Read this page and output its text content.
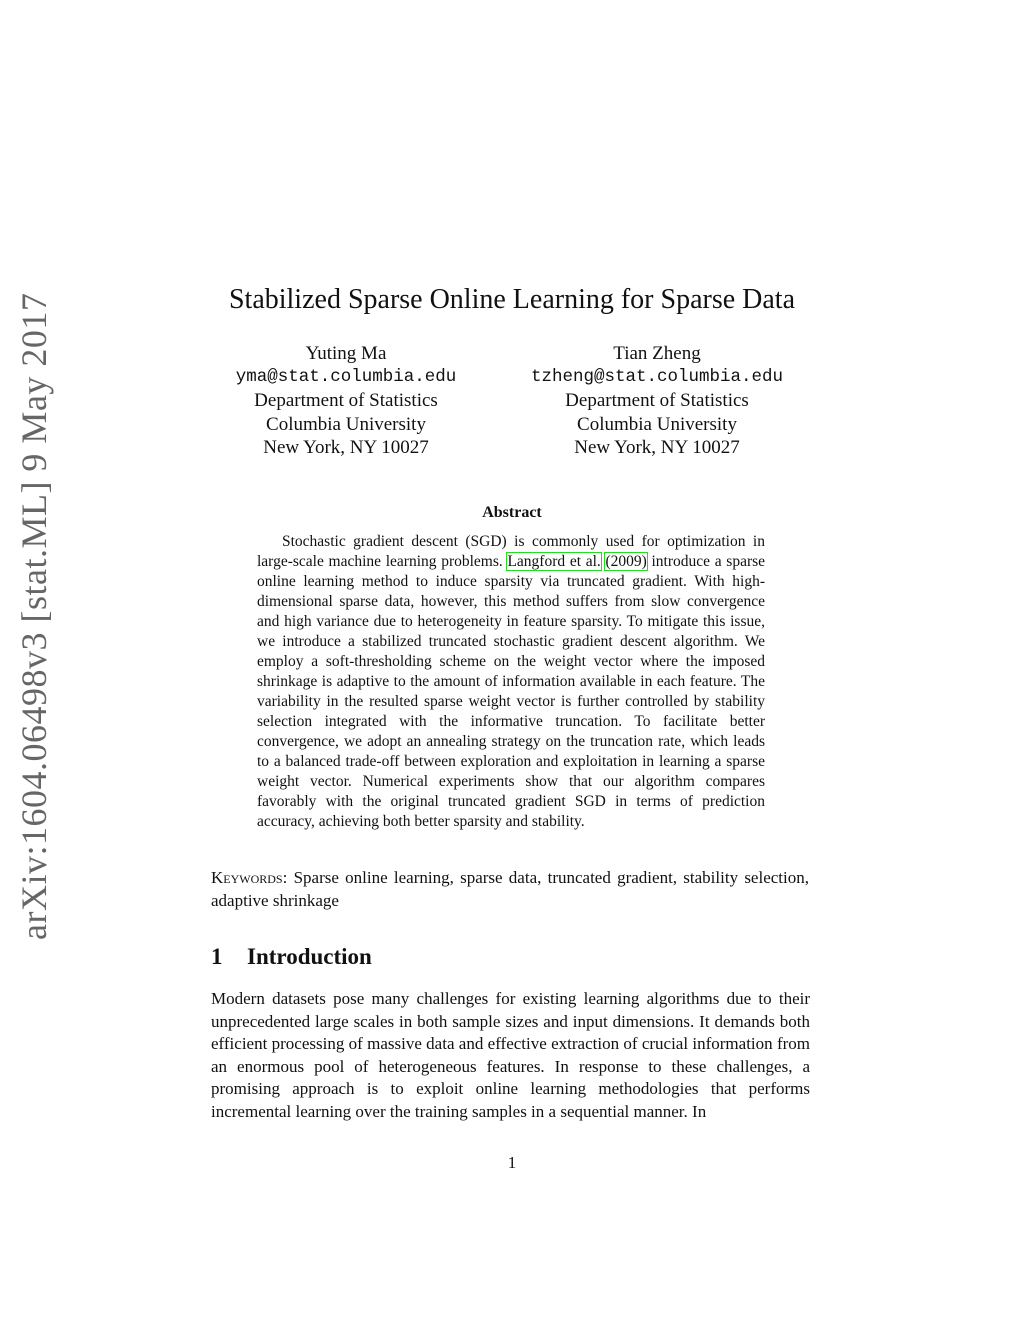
arXiv:1604.06498v3 [stat.ML] 9 May 2017	Stabilized Sparse Online Learning for Sparse Data
Yuting Ma
yma@stat.columbia.edu
Department of Statistics
Columbia University
New York, NY 10027
Tian Zheng
tzheng@stat.columbia.edu
Department of Statistics
Columbia University
New York, NY 10027
Abstract

Stochastic gradient descent (SGD) is commonly used for optimization in large-scale machine learning problems. Langford et al. (2009) introduce a sparse online learning method to induce sparsity via truncated gradient. With high-dimensional sparse data, however, this method suffers from slow convergence and high variance due to heterogeneity in feature sparsity. To mitigate this issue, we introduce a stabilized truncated stochastic gradient descent algorithm. We employ a soft-thresholding scheme on the weight vector where the imposed shrinkage is adaptive to the amount of information available in each feature. The variability in the resulted sparse weight vector is further controlled by stability selection integrated with the informative truncation. To facilitate better convergence, we adopt an annealing strategy on the truncation rate, which leads to a balanced trade-off between exploration and exploitation in learning a sparse weight vector. Numerical experiments show that our algorithm compares favorably with the original truncated gradient SGD in terms of prediction accuracy, achieving both better sparsity and stability.

Keywords: Sparse online learning, sparse data, truncated gradient, stability selection, adaptive shrinkage

1 Introduction

Modern datasets pose many challenges for existing learning algorithms due to their unprecedented large scales in both sample sizes and input dimensions. It demands both efficient processing of massive data and effective extraction of crucial information from an enormous pool of heterogeneous features. In response to these challenges, a promising approach is to exploit online learning methodologies that performs incremental learning over the training samples in a sequential manner. In

1
